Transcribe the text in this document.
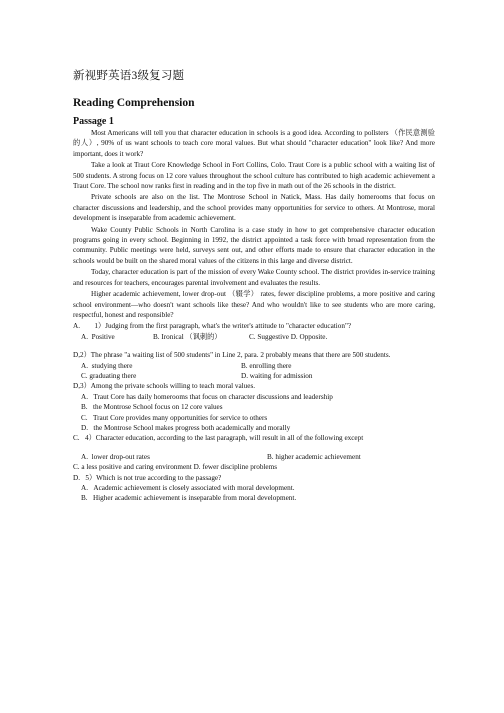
新视野英语3级复习题
Reading Comprehension
Passage 1

Most Americans will tell you that character education in schools is a good idea. According to pollsters （作民意测验的人）, 90% of us want schools to teach core moral values. But what should "character education" look like? And more important, does it work?

Take a look at Traut Core Knowledge School in Fort Collins, Colo. Traut Core is a public school with a waiting list of 500 students. A strong focus on 12 core values throughout the school culture has contributed to high academic achievement a Traut Core. The school now ranks first in reading and in the top five in math out of the 26 schools in the district.

Private schools are also on the list. The Montrose School in Natick, Mass. Has daily homerooms that focus on character discussions and leadership, and the school provides many opportunities for service to others. At Montrose, moral development is inseparable from academic achievement.

Wake County Public Schools in North Carolina is a case study in how to get comprehensive character education programs going in every school. Beginning in 1992, the district appointed a task force with broad representation from the community. Public meetings were held, surveys sent out, and other efforts made to ensure that character education in the schools would be built on the shared moral values of the citizens in this large and diverse district.

Today, character education is part of the mission of every Wake County school. The district provides in-service training and resources for teachers, encourages parental involvement and evaluates the results.

Higher academic achievement, lower drop-out （辍学） rates, fewer discipline problems, a more positive and caring school environment—who doesn't want schools like these? And who wouldn't like to see students who are more caring, respectful, honest and responsible?

A.        1）Judging from the first paragraph, what's the writer's attitude to "character education"?
A.  Positive	B. Ironical （讽刺的）	C. Suggestive D. Opposite.
D,2）The phrase "a waiting list of 500 students" in Line 2, para. 2 probably means that there are 500 students.
A.  studying there	B. enrolling there
C. graduating there	D. waiting for admission
D,3）Among the private schools willing to teach moral values.
A.   Traut Core has daily homerooms that focus on character discussions and leadership
B.   the Montrose School focus on 12 core values
C.   Traut Core provides many opportunities for service to others
D.   the Montrose School makes progress both academically and morally
C.   4）Character education, according to the last paragraph, will result in all of the following except
A.  lower drop-out rates	B. higher academic achievement
C. a less positive and caring environment D. fewer discipline problems
D.   5）Which is not true according to the passage?
A.   Academic achievement is closely associated with moral development.
B.   Higher academic achievement is inseparable from moral development.
